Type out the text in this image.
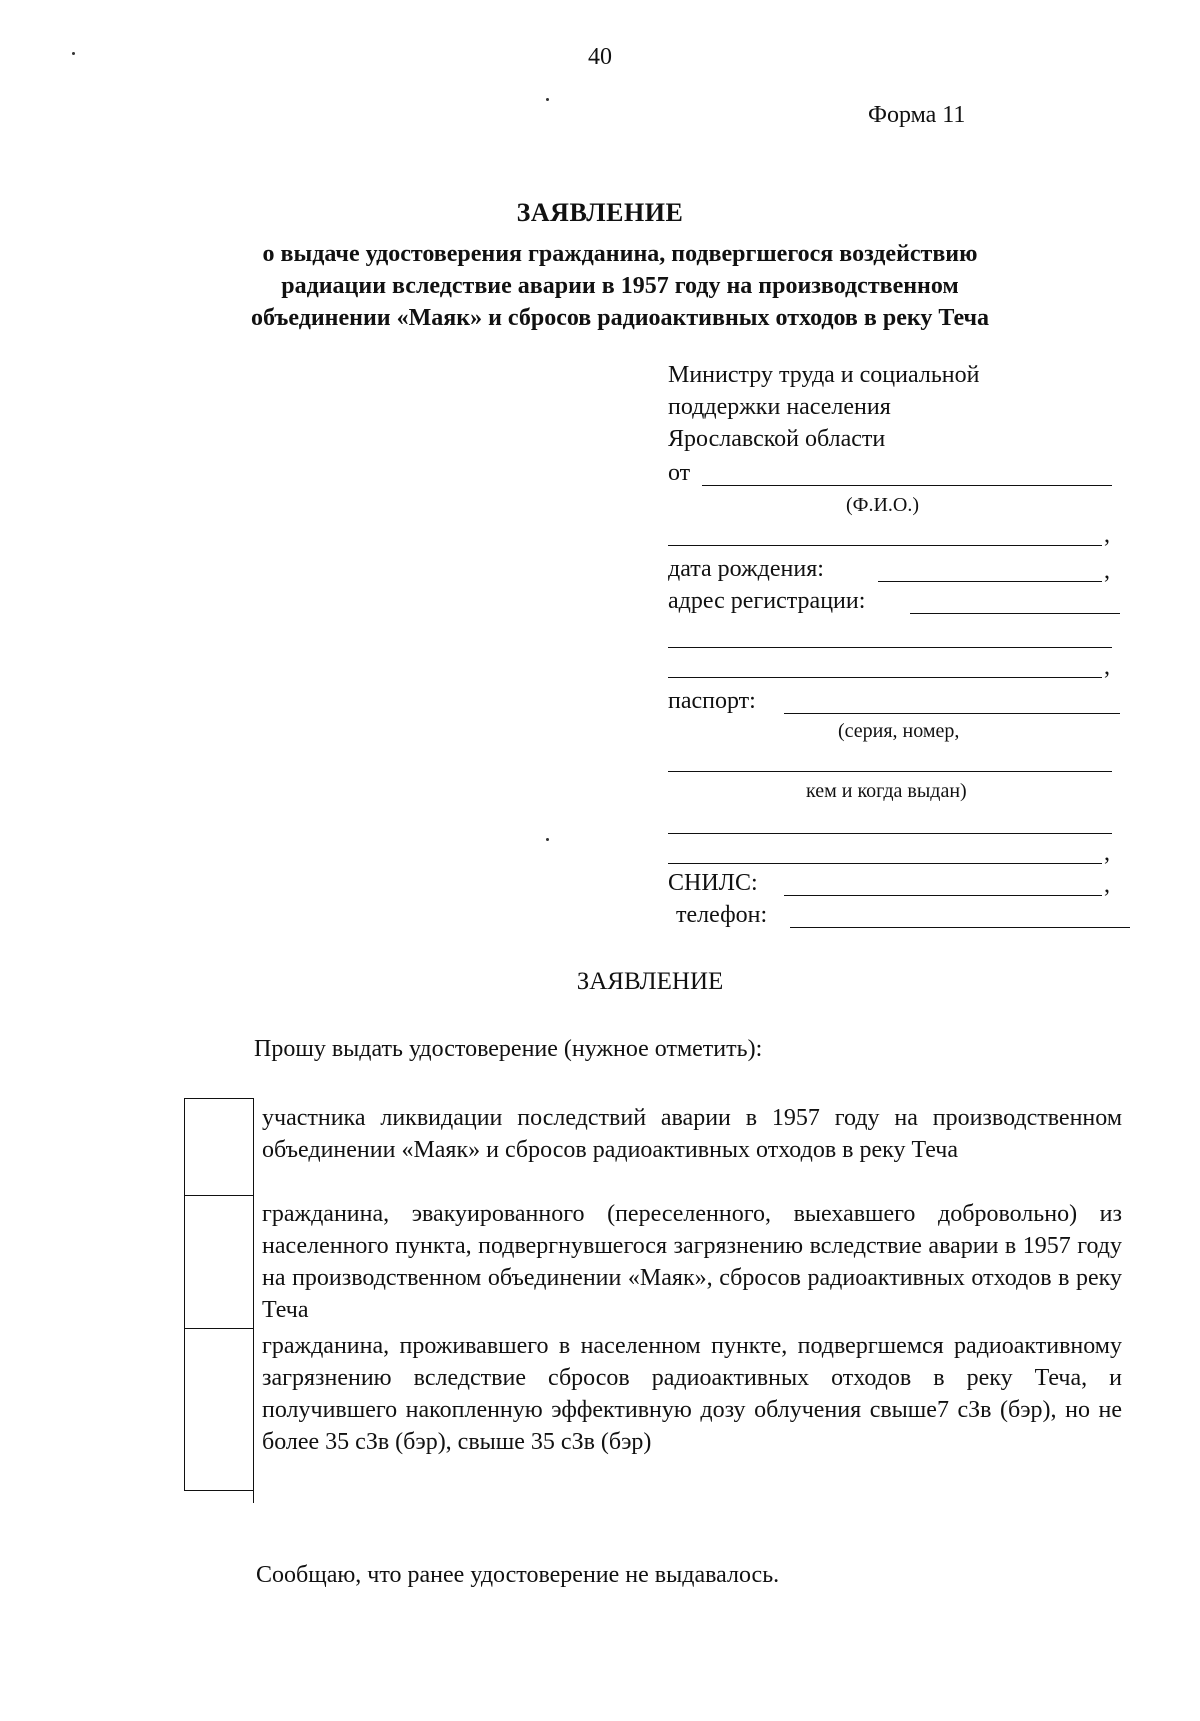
40
Форма 11
ЗАЯВЛЕНИЕ
о выдаче удостоверения гражданина, подвергшегося воздействию
радиации вследствие аварии в 1957 году на производственном
объединении «Маяк» и сбросов радиоактивных отходов в реку Теча
Министру труда и социальной
поддержки населения
Ярославской области
от
(Ф.И.О.)
,
дата рождения:	,
адрес регистрации:
,
паспорт:
(серия, номер,
кем и когда выдан)
,
СНИЛС:	,
телефон:
ЗАЯВЛЕНИЕ
Прошу выдать удостоверение (нужное отметить):
участника ликвидации последствий аварии в 1957 году на производственном объединении «Маяк» и сбросов радиоактивных отходов в реку Теча
гражданина, эвакуированного (переселенного, выехавшего добровольно) из населенного пункта, подвергнувшегося загрязнению вследствие аварии в 1957 году на производственном объединении «Маяк», сбросов радиоактивных отходов в реку Теча
гражданина, проживавшего в населенном пункте, подвергшемся радиоактивному загрязнению вследствие сбросов радиоактивных отходов в реку Теча, и получившего накопленную эффективную дозу облучения свыше7 сЗв (бэр), но не более 35 сЗв (бэр), свыше 35 сЗв (бэр)
Сообщаю, что ранее удостоверение не выдавалось.
